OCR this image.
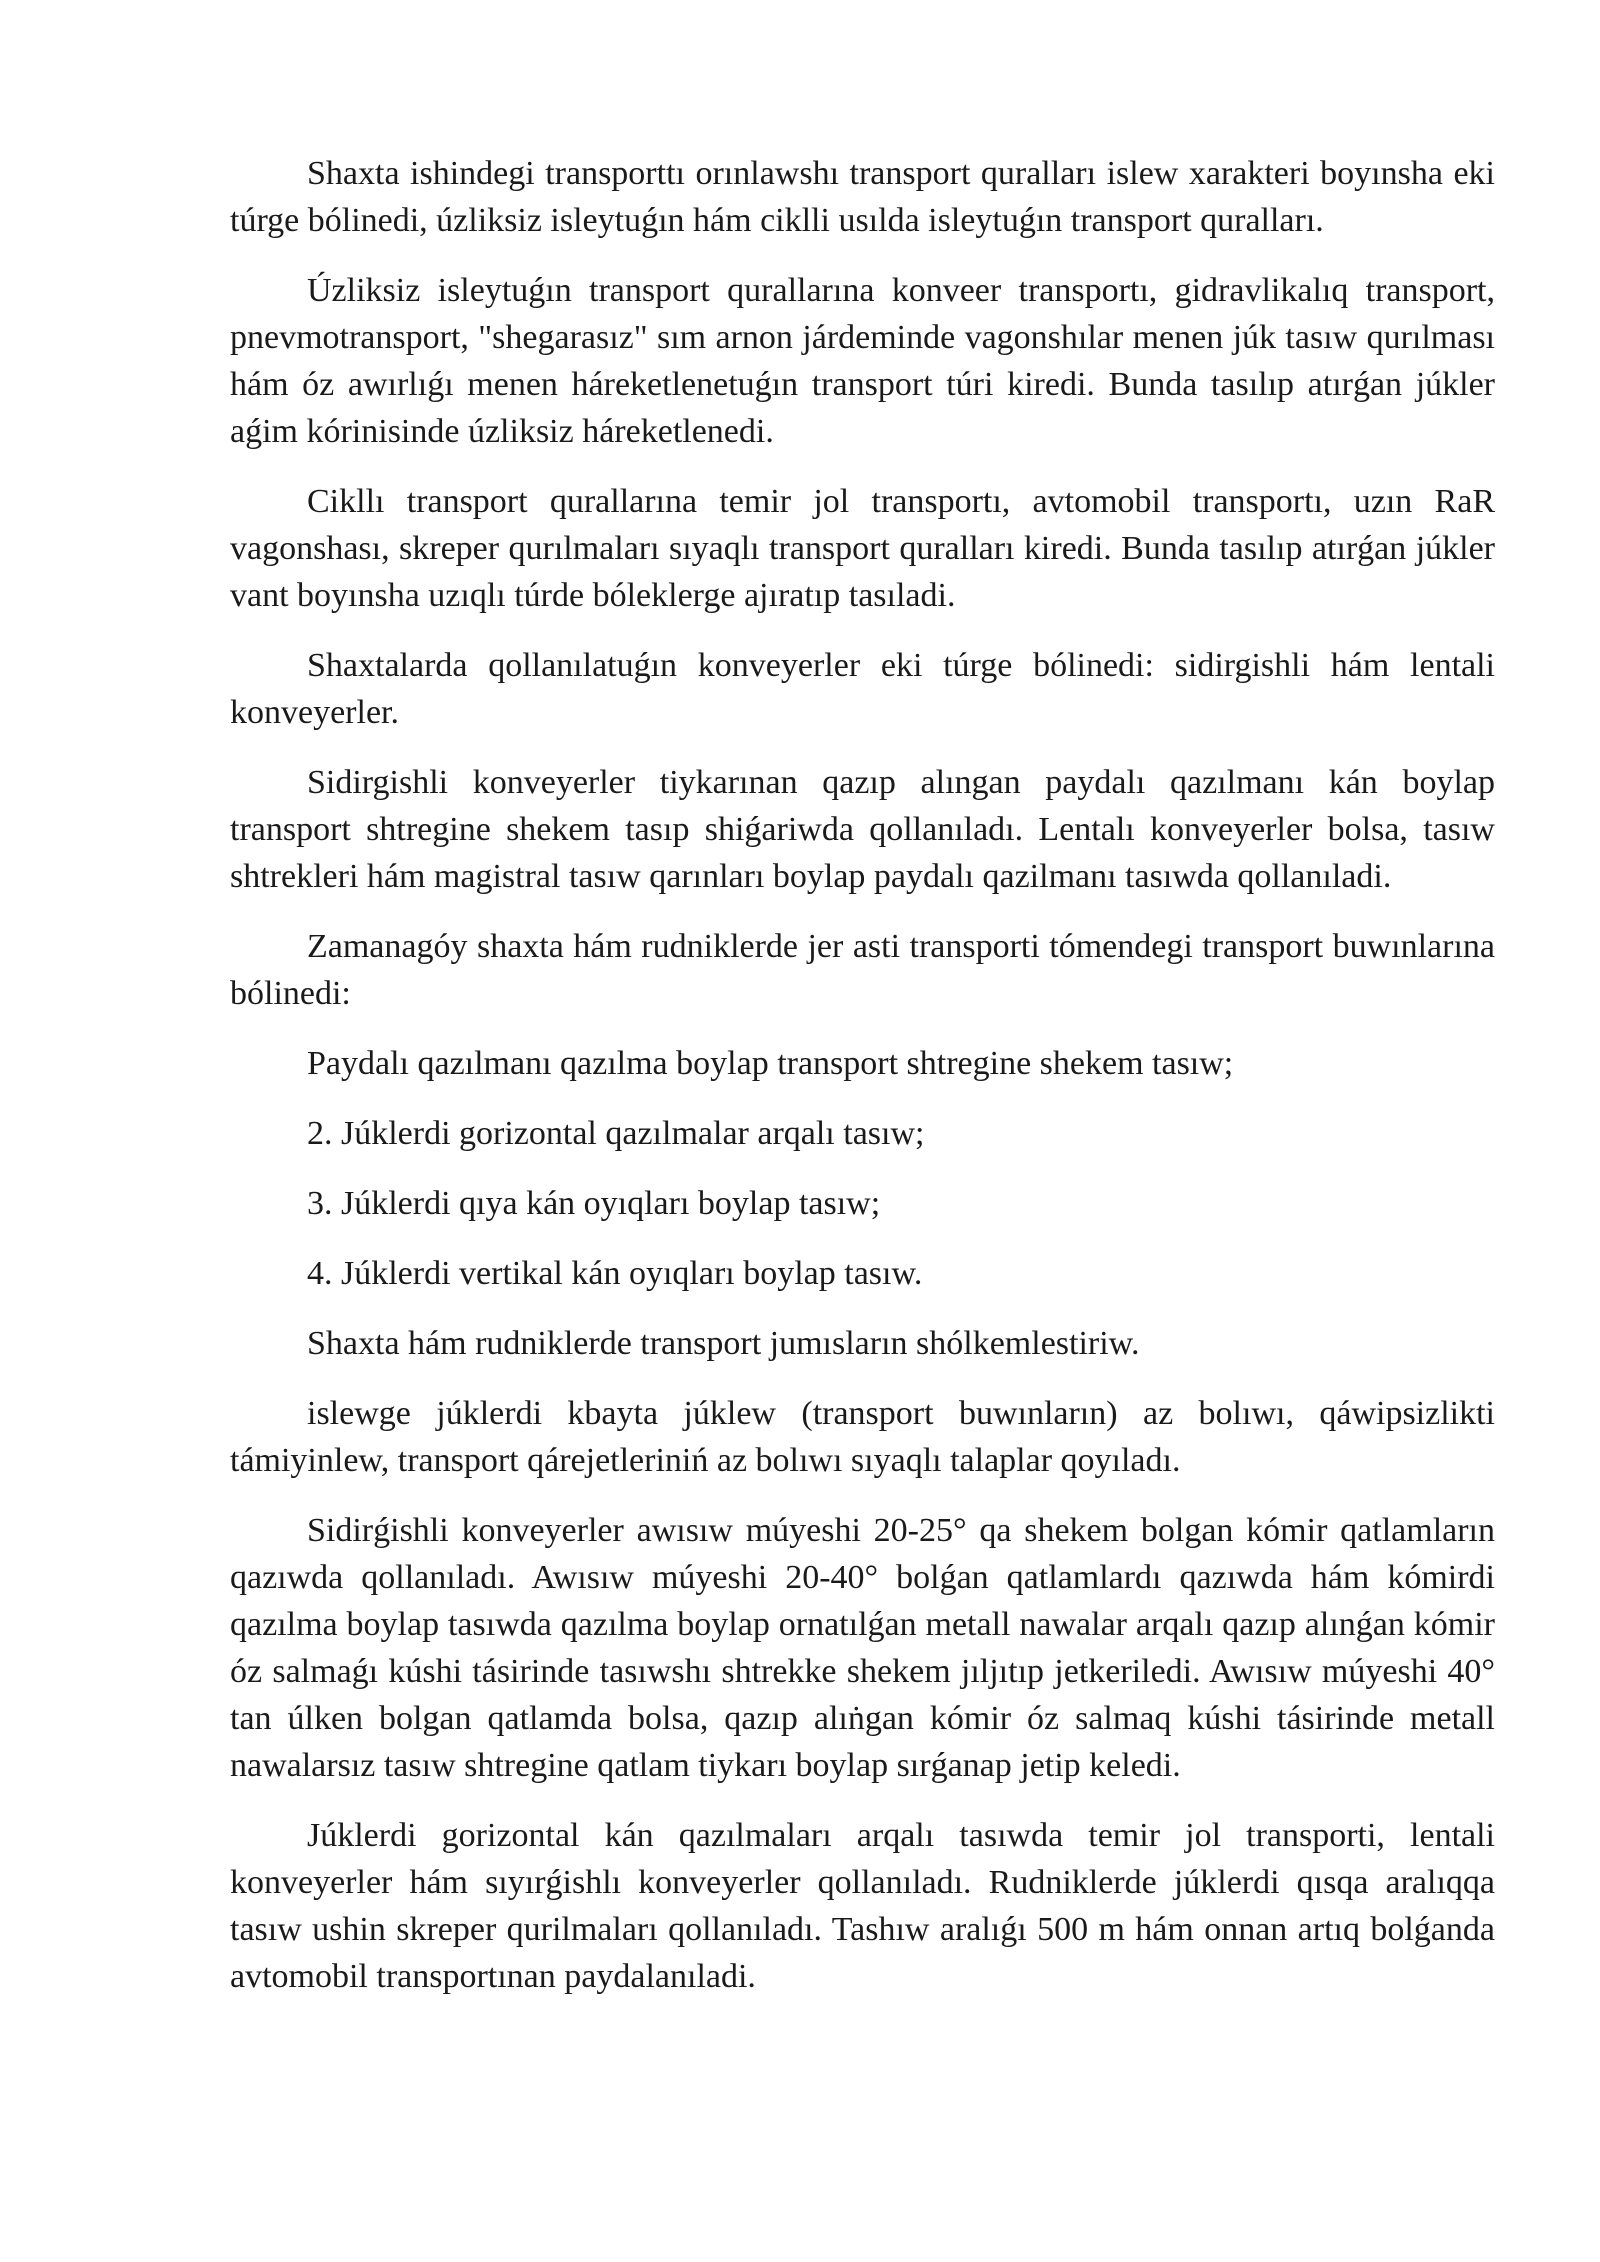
Shaxta ishindegi transporttı orınlawshı transport quralları islew xarakteri boyınsha eki túrge bólinedi, úzliksiz isleytuǵın hám ciklli usılda isleytuǵın transport quralları.

Úzliksiz isleytuǵın transport qurallarına konveer transportı, gidravlikalıq transport, pnevmotransport, "shegarasız" sım arnon járdeminde vagonshılar menen júk tasıw qurılması hám óz awırlıǵı menen háreketlenetuǵın transport túri kiredi. Bunda tasılıp atırǵan júkler aǵim kórinisinde úzliksiz háreketlenedi.

Cikllı transport qurallarına temir jol transportı, avtomobil transportı, uzın RaR vagonshası, skreper qurılmaları sıyaqlı transport quralları kiredi. Bunda tasılıp atırǵan júkler vant boyınsha uzıqlı túrde bóleklerge ajıratıp tasıladi.

Shaxtalarda qollanılatuǵın konveyerler eki túrge bólinedi: sidirgishli hám lentali konveyerler.

Sidirgishli konveyerler tiykarınan qazıp alıngan paydalı qazılmanı kán boylap transport shtregine shekem tasıp shiǵariwda qollanıladı. Lentalı konveyerler bolsa, tasıw shtrekleri hám magistral tasıw qarınları boylap paydalı qazilmanı tasıwda qollanıladi.

Zamanagóy shaxta hám rudniklerde jer asti transporti tómendegi transport buwınlarına bólinedi:

Paydalı qazılmanı qazılma boylap transport shtregine shekem tasıw;

2. Júklerdi gorizontal qazılmalar arqalı tasıw;

3. Júklerdi qıya kán oyıqları boylap tasıw;

4. Júklerdi vertikal kán oyıqları boylap tasıw.

Shaxta hám rudniklerde transport jumısların shólkemlestiriw.

islewge júklerdi kbayta júklew (transport buwınların) az bolıwı, qáwipsizlikti támiyinlew, transport qárejetleriniń az bolıwı sıyaqlı talaplar qoyıladı.

Sidirǵishli konveyerler awısıw múyeshi 20-25° qa shekem bolgan kómir qatlamların qazıwda qollanıladı. Awısıw múyeshi 20-40° bolǵan qatlamlardı qazıwda hám kómirdi qazılma boylap tasıwda qazılma boylap ornatılǵan metall nawalar arqalı qazıp alınǵan kómir óz salmaǵı kúshi tásirinde tasıwshı shtrekke shekem jıljıtıp jetkeriledi. Awısıw múyeshi 40° tan úlken bolgan qatlamda bolsa, qazıp alıṅgan kómir óz salmaq kúshi tásirinde metall nawalarsız tasıw shtregine qatlam tiykarı boylap sırǵanap jetip keledi.

Júklerdi gorizontal kán qazılmaları arqalı tasıwda temir jol transporti, lentali konveyerler hám sıyırǵishlı konveyerler qollanıladı. Rudniklerde júklerdi qısqa aralıqqa tasıw ushin skreper qurilmaları qollanıladı. Tashıw aralıǵı 500 m hám onnan artıq bolǵanda avtomobil transportınan paydalanıladi.
